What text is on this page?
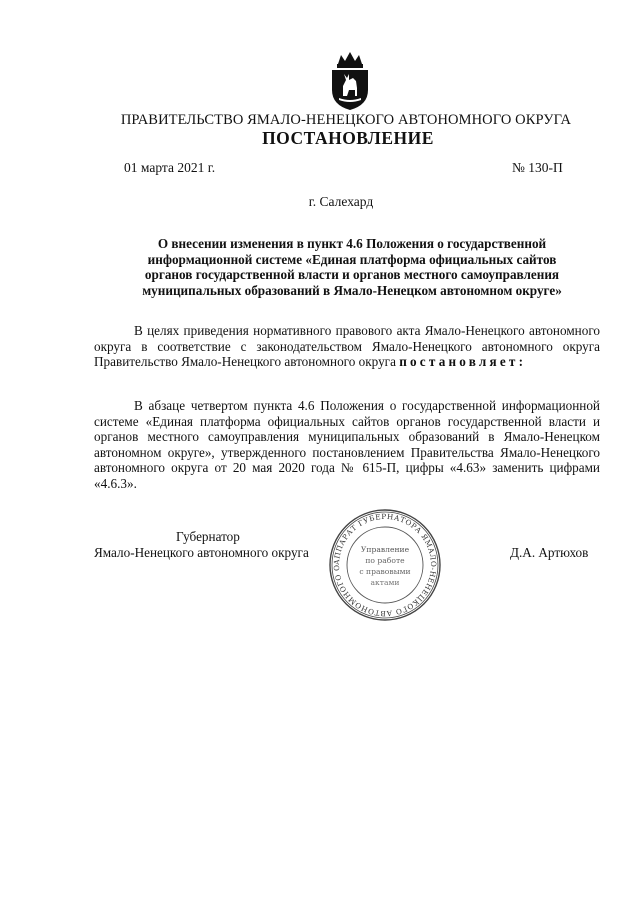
ПРАВИТЕЛЬСТВО ЯМАЛО-НЕНЕЦКОГО АВТОНОМНОГО ОКРУГА
ПОСТАНОВЛЕНИЕ
01 марта 2021 г.	№ 130-П
г. Салехард
О внесении изменения в пункт 4.6 Положения о государственной
информационной системе «Единая платформа официальных сайтов
органов государственной власти и органов местного самоуправления
муниципальных образований в Ямало-Ненецком автономном округе»
В целях приведения нормативного правового акта Ямало-Ненецкого автономного округа в соответствие с законодательством Ямало-Ненецкого автономного округа Правительство Ямало-Ненецкого автономного округа постановляет:
В абзаце четвертом пункта 4.6 Положения о государственной информационной системе «Единая платформа официальных сайтов органов государственной власти и органов местного самоуправления муниципальных образований в Ямало-Ненецком автономном округе», утвержденного постановлением Правительства Ямало-Ненецкого автономного округа от 20 мая 2020 года № 615-П, цифры «4.63» заменить цифрами «4.6.3».
Губернатор
Ямало-Ненецкого автономного округа	Д.А. Артюхов
АППАРАТ ГУБЕРНАТОРА ЯМАЛО-НЕНЕЦКОГО АВТОНОМНОГО О
Управление
по работе
с правовыми
актами
